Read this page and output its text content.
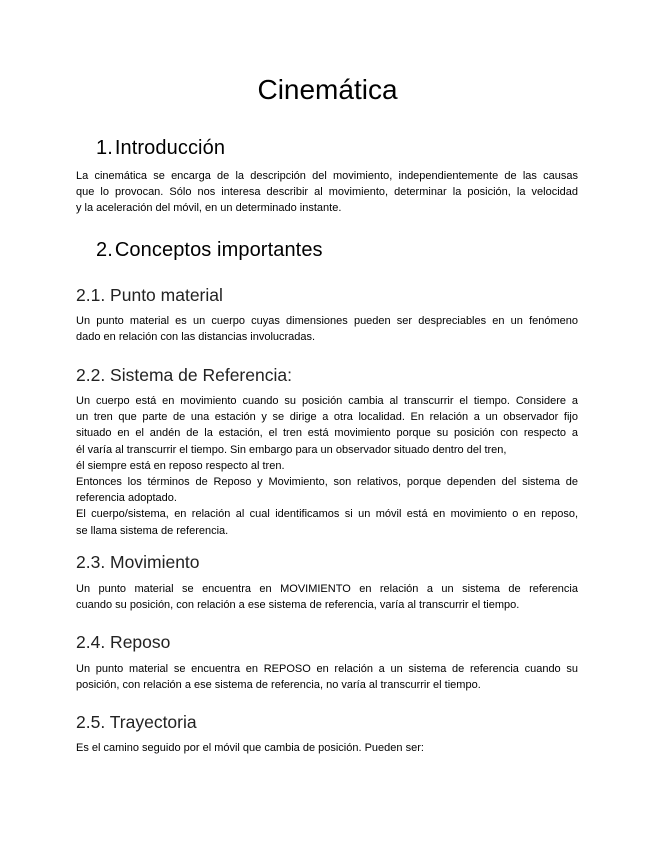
Cinemática
1. Introducción
La cinemática se encarga de la descripción del movimiento, independientemente de las causas
que lo provocan. Sólo nos interesa describir al movimiento, determinar la posición, la velocidad
y la aceleración del móvil, en un determinado instante.
2. Conceptos importantes
2.1. Punto material
Un punto material es un cuerpo cuyas dimensiones pueden ser despreciables en un fenómeno
dado en relación con las distancias involucradas.
2.2. Sistema de Referencia:
Un cuerpo está en movimiento cuando su posición cambia al transcurrir el tiempo. Considere a
un tren que parte de una estación y se dirige a otra localidad. En relación a un observador fijo
situado en el andén de la estación, el tren está movimiento porque su posición con respecto a
él varía al transcurrir el tiempo. Sin embargo para un observador situado dentro del tren,
él siempre está en reposo respecto al tren.
Entonces los términos de Reposo y Movimiento, son relativos, porque dependen del sistema de
referencia adoptado.
El cuerpo/sistema, en relación al cual identificamos si un móvil está en movimiento o en reposo,
se llama sistema de referencia.
2.3. Movimiento
Un punto material se encuentra en MOVIMIENTO en relación a un sistema de referencia
cuando su posición, con relación a ese sistema de referencia, varía al transcurrir el tiempo.
2.4. Reposo
Un punto material se encuentra en REPOSO en relación a un sistema de referencia cuando su
posición, con relación a ese sistema de referencia, no varía al transcurrir el tiempo.
2.5. Trayectoria
Es el camino seguido por el móvil que cambia de posición. Pueden ser:
